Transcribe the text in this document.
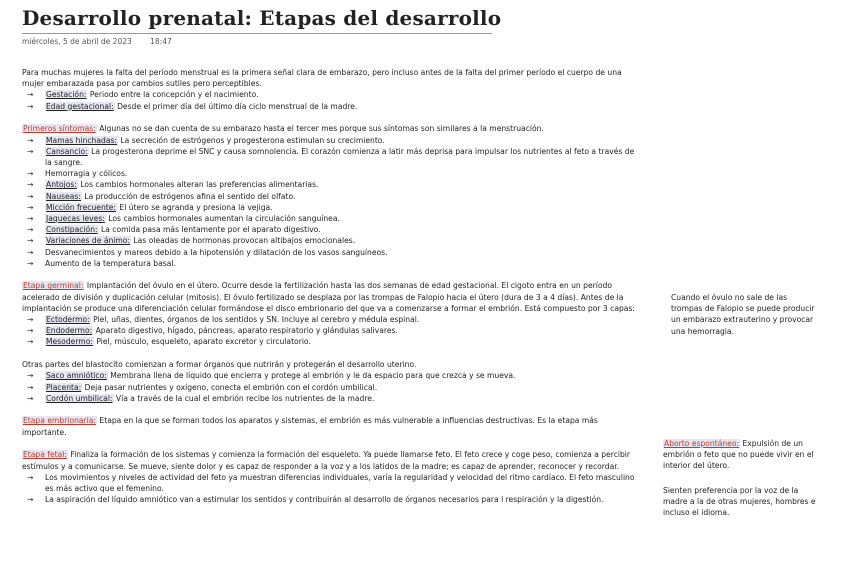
Desarrollo prenatal: Etapas del desarrollo
miércoles, 5 de abril de 2023 18:47

Para muchas mujeres la falta del período menstrual es la primera señal clara de embarazo, pero incluso antes de la falta del primer período el cuerpo de una mujer embarazada pasa por cambios sutiles pero perceptibles.

→ Gestación: Periodo entre la concepción y el nacimiento.
→ Edad gestacional: Desde el primer día del último día ciclo menstrual de la madre.

Primeros síntomas: Algunas no se dan cuenta de su embarazo hasta el tercer mes porque sus síntomas son similares a la menstruación.

→ Mamas hinchadas: La secreción de estrógenos y progesterona estimulan su crecimiento.
→ Cansancio: La progesterona deprime el SNC y causa somnolencia. El corazón comienza a latir más deprisa para impulsar los nutrientes al feto a través de la sangre.
→ Hemorragia y cólicos.
→ Antojos: Los cambios hormonales alteran las preferencias alimentarias.
→ Nauseas: La producción de estrógenos afina el sentido del olfato.
→ Micción frecuente: El útero se agranda y presiona la vejiga.
→ Jaquecas leves: Los cambios hormonales aumentan la circulación sanguínea.
→ Constipación: La comida pasa más lentamente por el aparato digestivo.
→ Variaciones de ánimo: Las oleadas de hormonas provocan altibajos emocionales.
→ Desvanecimientos y mareos debido a la hipotensión y dilatación de los vasos sanguíneos.
→ Aumento de la temperatura basal.

Etapa germinal: Implantación del óvulo en el útero. Ocurre desde la fertilización hasta las dos semanas de edad gestacional. El cigoto entra en un período acelerado de división y duplicación celular (mitosis). El óvulo fertilizado se desplaza por las trompas de Falopio hacia el útero (dura de 3 a 4 días). Antes de la implantación se produce una diferenciación celular formándose el disco embrionario del que va a comenzarse a formar el embrión. Está compuesto por 3 capas:

→ Ectodermo: Piel, uñas, dientes, órganos de los sentidos y SN. Incluye al cerebro y médula espinal.
→ Endodermo: Aparato digestivo, hígado, páncreas, aparato respiratorio y glándulas salivares.
→ Mesodermo: Piel, músculo, esqueleto, aparato excretor y circulatorio.

Otras partes del blastocito comienzan a formar órganos que nutrirán y protegerán el desarrollo uterino.

→ Saco amniótico: Membrana llena de líquido que encierra y protege al embrión y le da espacio para que crezca y se mueva.
→ Placenta: Deja pasar nutrientes y oxígeno, conecta el embrión con el cordón umbilical.
→ Cordón umbilical: Vía a través de la cual el embrión recibe los nutrientes de la madre.

Etapa embrionaria: Etapa en la que se forman todos los aparatos y sistemas, el embrión es más vulnerable a influencias destructivas. Es la etapa más importante.

Etapa fetal: Finaliza la formación de los sistemas y comienza la formación del esqueleto. Ya puede llamarse feto. El feto crece y coge peso, comienza a percibir estímulos y a comunicarse. Se mueve, siente dolor y es capaz de responder a la voz y a los latidos de la madre; es capaz de aprender, reconocer y recordar.

→ Los movimientos y niveles de actividad del feto ya muestran diferencias individuales, varía la regularidad y velocidad del ritmo cardíaco. El feto masculino es más activo que el femenino.
→ La aspiración del líquido amniótico van a estimular los sentidos y contribuirán al desarrollo de órganos necesarios para l respiración y la digestión.
Cuando el óvulo no sale de las trompas de Falopio se puede producir un embarazo extrauterino y provocar una hemorragia.
Aborto espontáneo: Expulsión de un embrión o feto que no puede vivir en el interior del útero.
Sienten preferencia por la voz de la madre a la de otras mujeres, hombres e incluso el idioma.
